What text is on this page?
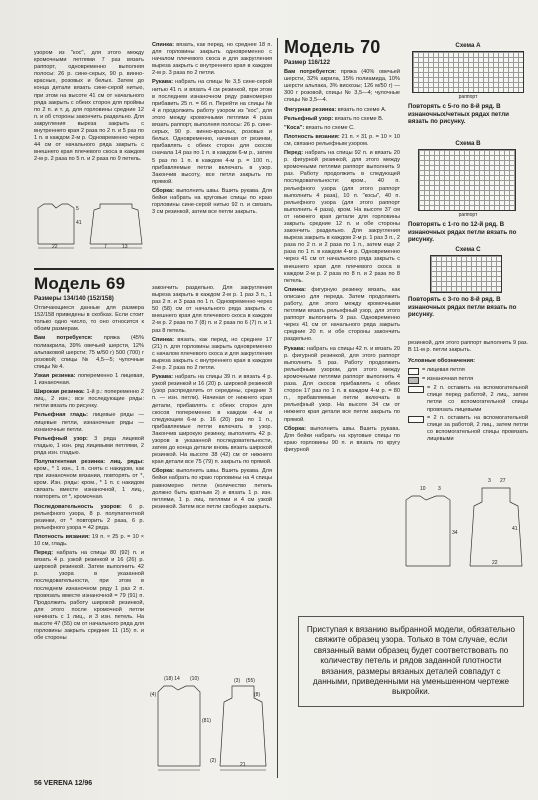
узором из "кос", для этого между кромочными петлями 7 раз вязать раппорт, одновременно выполняя полосы: 26 р. сине-серых, 90 р. винно-красных, розовых и белых. Затем до конца детали вязать сине-серой нитью, при этом на высоте 41 см от начального ряда закрыть с обеих сторон для проймы по 2 п. и т. д. для горловины средние 12 п. и об стороны закончить раздельно. Для закругления выреза закрыть с внутреннего края 2 раза по 2 п. и 5 раз по 1 п. в каждом 2-м р. Одновременно через 44 см от начального ряда закрыть с внешнего края плечевого скоса в каждом 2-м р. 2 раза по 5 п. и 2 раза по 9 петель.

22
41
5
7	13

Спинка: вязать, как перед, но среднее 18 п. для горловины закрыть одновременно с началом плечевого скоса и для закругления выреза закрыть с внутреннего края в каждом 2-м р. 3 раза по 2 петли.

Рукава: набрать на спицы № 3,5 сине-серой нитью 41 п. и вязать 4 см резинкой, при этом в последнем изнаночном ряду равномерно прибавить 25 п. = 66 п. Перейти на спицы № 4 и продолжить работу узором из "кос", для этого между кромочными петлями 4 раза вязать раппорт, выполняя полосы: 26 р. сине-серых, 90 р. винно-красных, розовых и белых. Одновременно, начиная от резинки, прибавлять с обеих сторон для скосов сначала 14 раз по 1 п. в каждом 6-м р., затем 5 раз по 1 п. в каждом 4-м р. = 100 п., прибавляемые петли включать в узор. Закончив высоту, все петли закрыть по прямой.

Сборка: выполнить швы. Вшить рукава. Для бейки набрать на круговые спицы по краю горловины сине-серой нитью 92 п. и связать 3 см резинкой, затем все петли закрыть.

Модель 69
Размеры 134/140 (152/158)

Отличающиеся данные для размера 152/158 приведены в скобках. Если стоит только одно число, то оно относится к обоим размерам.

Вам потребуется: пряжа (45% полиакрила, 39% овечьей шерсти, 12% альпаковой шерсти; 75 м/50 г) 500 (700) г розовой; спицы № 4,5—5; чулочные спицы № 4.

Узкая резинка: попеременно 1 лицевая, 1 изнаночная.

Широкая резинка: 1-й р.: попеременно 2 лиц., 2 изн.; все последующие ряды: петли вязать по рисунку.

Рельефная гладь: лицевые ряды — лицевые петли, изнаночные ряды — изнаночные петли.

Рельефный узор: 3 ряда лицевой гладью, 1 изн. ряд лицевыми петлями, 2 ряда изн. гладью.

Полупатентная резинка: лиц. ряды: кром., * 1 изн., 1 п. снять с накидом, как при изнаночном вязании, повторять от *, кром. Изн. ряды: кром., * 1 п. с накидом связать вместе изнаночной, 1 лиц., повторять от *, кромочная.

Последовательность узоров: 6 р. рельефного узора, 8 р. полупатентной резинки, от * повторить 2 раза, 6 р. рельефного узора = 42 ряда.

Плотность вязания: 19 п. × 25 р. = 10 × 10 см, гладь.

Перед: набрать на спицы 80 (92) п. и вязать 4 р. узкой резинкой и 16 (26) р. широкой резинкой. Затем выполнить 42 р. узора в указанной последовательности, при этом в последнем изнаночном ряду 1 раз 2 п. провязать вместе изнаночной = 79 (91) п. Продолжить работу широкой резинкой, для этого после кромочной петли начинать с 1 лиц., и 3 изн. петель. На высоте 47 (55) см от начального ряда для горловины закрыть средние 11 (15) п. и обе стороны

закончить раздельно. Для закругления выреза закрыть в каждом 2-м р. 1 раз 3 п., 1 раз 2 п. и 3 раза по 1 п. Одновременно через 50 (58) см от начального ряда закрыть с внешнего края для плечевого скоса в каждом 2-м р. 2 раза по 7 (8) п. и 2 раза по 6 (7) п. и 1 раз 8 петель.

Спинка: вязать, как перед, но среднее 17 (21) п. для горловины закрыть одновременно с началом плечевого скоса и для закругления выреза закрыть с внутреннего края в каждом 2-м р. 2 раза по 2 петли.

Рукава: набрать на спицы 39 п. и вязать 4 р. узкой резинкой и 16 (20) р. широкой резинкой (узор распределить от середины, средние 3 п. — изн. петли). Начиная от нижнего края детали, прибавлять с обеих сторон для скосов попеременно в каждом 4-м и следующем 6-м р. 16 (20) раз по 1 п., прибавляемые петли включать в узор. Закончив широкую резинку, выполнить 42 р. узоров в указанной последовательности, затем до конца детали вновь вязать широкой резинкой. На высоте 38 (42) см от нижнего края детали все 75 (79) п. закрыть по прямой.

Сборка: выполнить швы. Вшить рукава. Для бейки набрать по краю горловины на 4 спицы равномерно петли (количество петель должно быть кратным 2) и вязать 1 р. изн. петлями, 1 р. лиц. петлями и 4 см узкой резинкой. Затем все петли свободно закрыть.

(18) 14 (10)
(4)
(81)
(3) (55)
(8)
(2)
21
Модель 70
Размер 116/122

Вам потребуется: пряжа (40% овечьей шерсти, 32% акрила, 15% полиамида, 10% шерсти альпака, 3% вискозы; 126 м/50 г) — 300 г розовой, спицы № 3,5—4; чулочные спицы № 3,5—4.

Фигурная резинка: вязать по схеме А.

Рельефный узор: вязать по схеме В.

"Коса": вязать по схеме С.

Плотность вязания: 21 п. × 31 р. = 10 × 10 см, связано рельефным узором.

Перед: набрать на спицы 92 п. и вязать 20 р. фигурной резинкой, для этого между кромочными петлями раппорт выполнить 9 раз. Работу продолжить в следующей последовательности: кром., 40 п. рельефного узора (для этого раппорт выполнить 4 раза), 10 п. "косы", 40 п. рельефного узора (для этого раппорт выполнить 4 раза), кром. На высоте 37 см от нижнего края детали для горловины закрыть средние 12 п. и обе стороны закончить раздельно. Для закругления выреза закрыть в каждом 2-м р. 1 раз 3 п., 2 раза по 2 п. и 2 раза по 1 п., затем еще 2 раза по 1 п. в каждом 4-м р. Одновременно через 41 см от начального ряда закрыть с внешнего края для плечевого скоса в каждом 2-м р. 2 раза по 8 п. и 2 раза по 8 петель.

Спинка: фигурную резинку вязать, как описано для переда. Затем продолжить работу, для этого между кромочными петлями вязать рельефный узор, для этого раппорт выполнить 9 раз. Одновременно через 41 см от начального ряда закрыть средние 20 п. и обе стороны закончить раздельно.

Рукава: набрать на спицы 42 п. и вязать 20 р. фигурной резинкой, для этого раппорт выполнить 5 раз. Работу продолжить рельефным узором, для этого между кромочными петлями раппорт выполнить 4 раза. Для скосов прибавлять с обеих сторон 17 раз по 1 п. в каждом 4-м р. = 80 п., прибавляемые петли включать в рельефный узор. На высоте 34 см от нижнего края детали все петли закрыть по прямой.

Сборка: выполнить швы. Вшить рукава. Для бейки набрать на круговые спицы по краю горловины 90 п. и вязать по кругу фигурной

Схема А
раппорт
Повторять с 5-го по 8-й ряд. В изнаночных/четных рядах петли вязать по рисунку.
Схема В
раппорт
Повторять с 1-го по 12-й ряд. В изнаночных рядах петли вязать по рисунку.
Схема С
Повторять с 3-го по 8-й ряд. В изнаночных рядах петли вязать по рисунку.

резинкой, для этого раппорт выполнить 9 раз. В 11-м р. петли закрыть.

Условные обозначения:

= лицевая петля
= изнаночная петля
= 2 п. оставить на вспомогательной спице перед работой, 2 лиц., затем петли со вспомогательной спицы провязать лицевыми
= 2 п. оставить на вспомогательной спице за работой, 2 лиц., затем петли со вспомогательной спицы провязать лицевыми
10 3
34
3 27
41
22
Приступая к вязанию выбранной модели, обязательно свяжите образец узора. Только в том случае, если связанный вами образец будет соответствовать по количеству петель и рядов заданной плотности вязания, размеры вязаных деталей совпадут с данными, приведенными на уменьшенном чертеже выкройки.
56 VERENA 12/96
